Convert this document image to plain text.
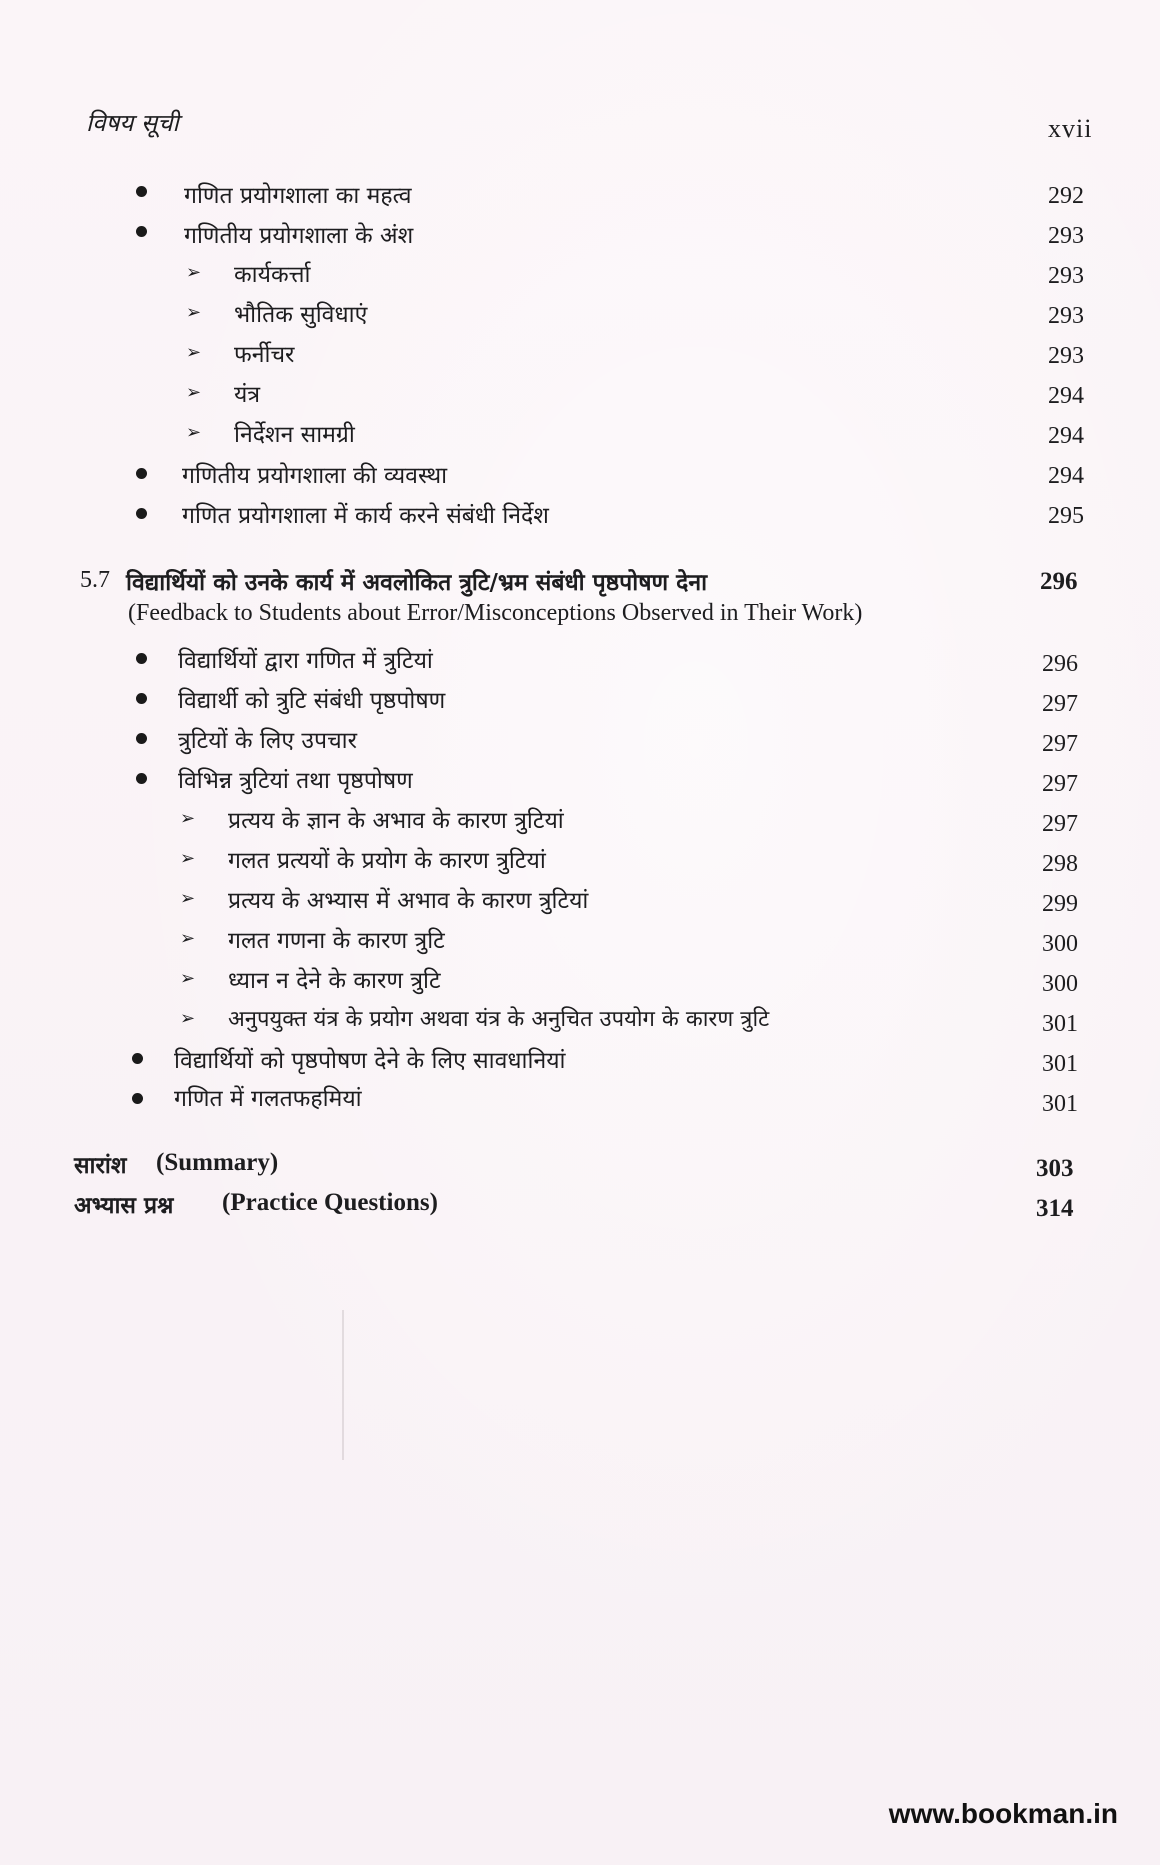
विषय सूची	xvii
गणित प्रयोगशाला का महत्व	292
गणितीय प्रयोगशाला के अंश	293
➢ कार्यकर्त्ता	293
➢ भौतिक सुविधाएं	293
➢ फर्नीचर	293
➢ यंत्र	294
➢ निर्देशन सामग्री	294
गणितीय प्रयोगशाला की व्यवस्था	294
गणित प्रयोगशाला में कार्य करने संबंधी निर्देश	295
5.7 विद्यार्थियों को उनके कार्य में अवलोकित त्रुटि/भ्रम संबंधी पृष्ठपोषण देना	296
(Feedback to Students about Error/Misconceptions Observed in Their Work)
विद्यार्थियों द्वारा गणित में त्रुटियां	296
विद्यार्थी को त्रुटि संबंधी पृष्ठपोषण	297
त्रुटियों के लिए उपचार	297
विभिन्न त्रुटियां तथा पृष्ठपोषण	297
➢ प्रत्यय के ज्ञान के अभाव के कारण त्रुटियां	297
➢ गलत प्रत्ययों के प्रयोग के कारण त्रुटियां	298
➢ प्रत्यय के अभ्यास में अभाव के कारण त्रुटियां	299
➢ गलत गणना के कारण त्रुटि	300
➢ ध्यान न देने के कारण त्रुटि	300
➢ अनुपयुक्त यंत्र के प्रयोग अथवा यंत्र के अनुचित उपयोग के कारण त्रुटि	301
विद्यार्थियों को पृष्ठपोषण देने के लिए सावधानियां	301
गणित में गलतफहमियां	301
सारांश (Summary)	303
अभ्यास प्रश्न (Practice Questions)	314
www.bookman.in
